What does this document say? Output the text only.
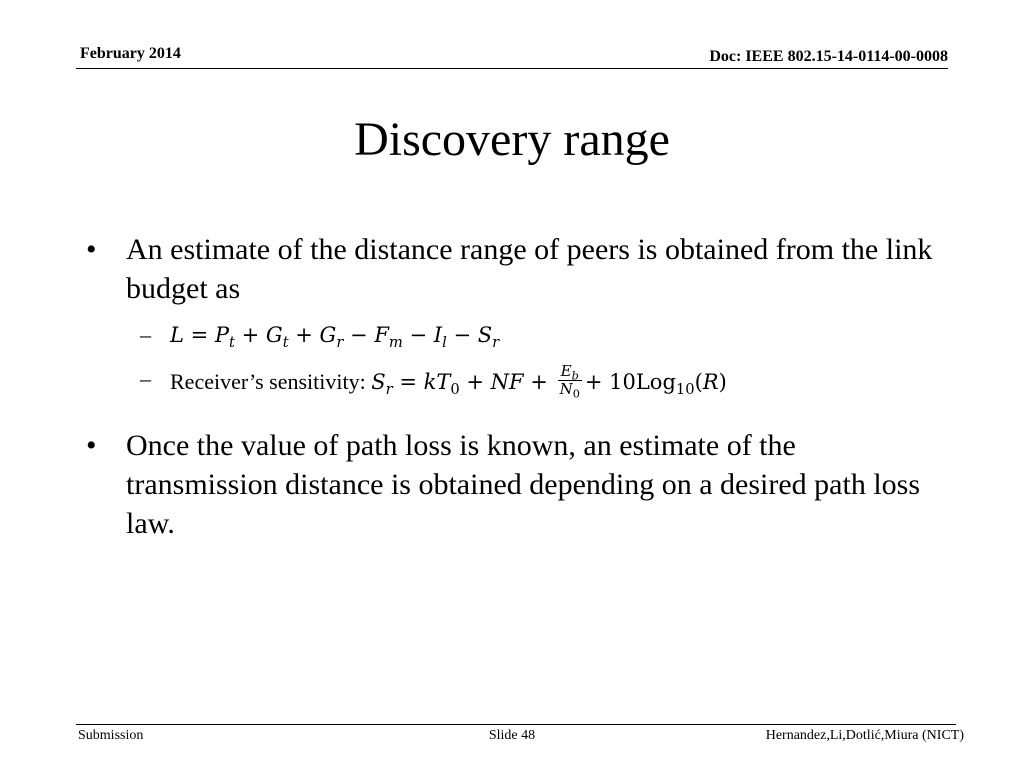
February 2014	Doc: IEEE 802.15-14-0114-00-0008
Discovery range
• An estimate of the distance range of peers is obtained from the link budget as
– $L = P_t + G_t + G_r - F_m - I_l - S_r$
– Receiver’s sensitivity: $S_r = kT_0$ + NF + $\frac{E_b}{N_0} + 10Log_{10}(R)$
• Once the value of path loss is known, an estimate of the transmission distance is obtained depending on a desired path loss law.
Submission	Slide 48	Hernandez,Li,Dotlić,Miura (NICT)
